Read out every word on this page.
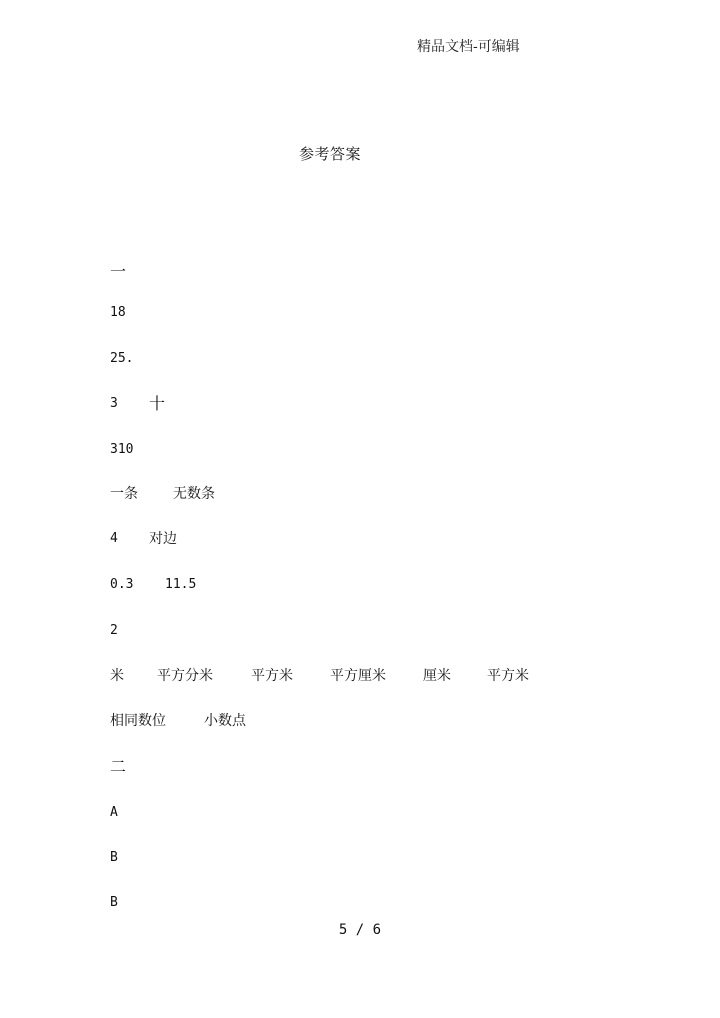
精品文档-可编辑
参考答案
一
18
25.
3 十
310
一条	无数条
4 对边
0.3 11.5
2
米 平方分米	平方米	平方厘米	厘米	平方米
相同数位	小数点
二
A
B
B
5 / 6
